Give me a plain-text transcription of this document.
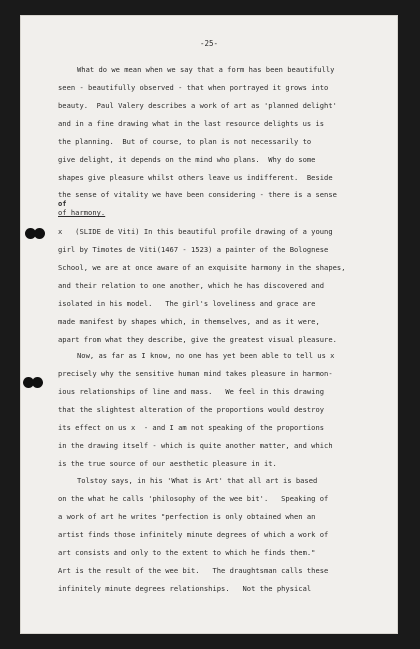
-25-
What do we mean when we say that a form has been beautifully
seen - beautifully observed - that when portrayed it grows into
beauty.  Paul Valery describes a work of art as 'planned delight'
and in a fine drawing what in the last resource delights us is
the planning.  But of course, to plan is not necessarily to
give delight, it depends on the mind who plans.  Why do some
shapes give pleasure whilst others leave us indifferent.  Beside
the sense of vitality we have been considering - there is a sense
of
of harmony.
x   (SLIDE de Viti) In this beautiful profile drawing of a young
girl by Timotes de Viti(1467 - 1523) a painter of the Bolognese
School, we are at once aware of an exquisite harmony in the shapes,
and their relation to one another, which he has discovered and
isolated in his model.   The girl's loveliness and grace are
made manifest by shapes which, in themselves, and as it were,
apart from what they describe, give the greatest visual pleasure.
Now, as far as I know, no one has yet been able to tell us x
precisely why the sensitive human mind takes pleasure in harmon-
ious relationships of line and mass.   We feel in this drawing
that the slightest alteration of the proportions would destroy
its effect on us x  - and I am not speaking of the proportions
in the drawing itself - which is quite another matter, and which
is the true source of our aesthetic pleasure in it.
Tolstoy says, in his 'What is Art' that all art is based
on the what he calls 'philosophy of the wee bit'.   Speaking of
a work of art he writes "perfection is only obtained when an
artist finds those infinitely minute degrees of which a work of
art consists and only to the extent to which he finds them."
Art is the result of the wee bit.   The draughtsman calls these
infinitely minute degrees relationships.   Not the physical
